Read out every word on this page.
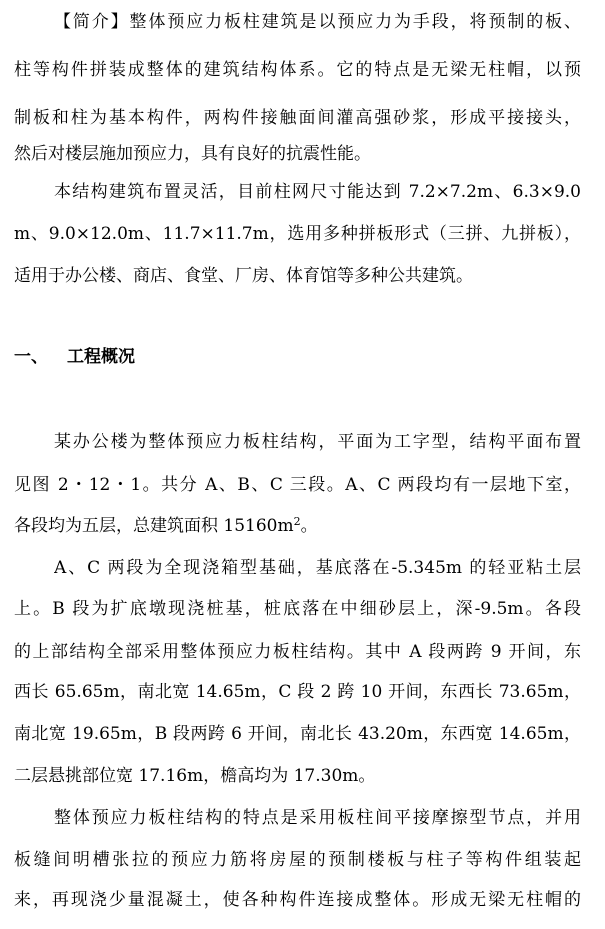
【简介】整体预应力板柱建筑是以预应力为手段，将预制的板、
柱等构件拼装成整体的建筑结构体系。它的特点是无梁无柱帽，以预
制板和柱为基本构件，两构件接触面间灌高强砂浆，形成平接接头，
然后对楼层施加预应力，具有良好的抗震性能。
本结构建筑布置灵活，目前柱网尺寸能达到 7.2×7.2m、6.3×9.0
m、9.0×12.0m、11.7×11.7m，选用多种拼板形式（三拼、九拼板），
适用于办公楼、商店、食堂、厂房、体育馆等多种公共建筑。
一、 工程概况
某办公楼为整体预应力板柱结构，平面为工字型，结构平面布置
见图 2・12・1。共分 A、B、C 三段。A、C 两段均有一层地下室，
各段均为五层，总建筑面积 $15160m^2$。
A、C 两段为全现浇箱型基础，基底落在-5.345m 的轻亚粘土层
上。B 段为扩底墩现浇桩基，桩底落在中细砂层上，深-9.5m。各段
的上部结构全部采用整体预应力板柱结构。其中 A 段两跨 9 开间，东
西长 65.65m，南北宽 14.65m，C 段 2 跨 10 开间，东西长 73.65m，
南北宽 19.65m，B 段两跨 6 开间，南北长 43.20m，东西宽 14.65m，
二层悬挑部位宽 17.16m，檐高均为 17.30m。
整体预应力板柱结构的特点是采用板柱间平接摩擦型节点，并用
板缝间明槽张拉的预应力筋将房屋的预制楼板与柱子等构件组装起
来，再现浇少量混凝土，使各种构件连接成整体。形成无梁无柱帽的
